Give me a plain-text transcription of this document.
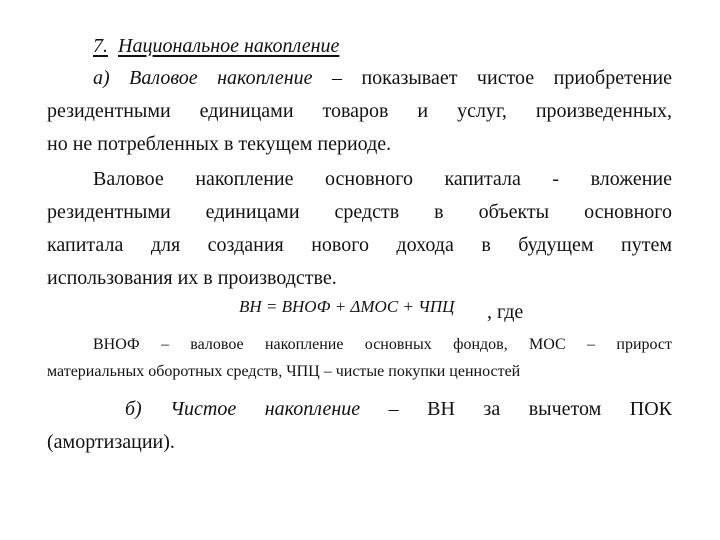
7. Национальное накопление
а) Валовое накопление – показывает чистое приобретение
резидентными единицами товаров и услуг, произведенных,
но не потребленных в текущем периоде.
Валовое накопление основного капитала - вложение
резидентными единицами средств в объекты основного
капитала для создания нового дохода в будущем путем
использования их в производстве.
ВН = ВНОФ + ΔМОС + ЧПЦ , где
ВНОФ – валовое накопление основных фондов, МОС – прирост
материальных оборотных средств, ЧПЦ – чистые покупки ценностей
б) Чистое накопление – ВН за вычетом ПОК
(амортизации).
